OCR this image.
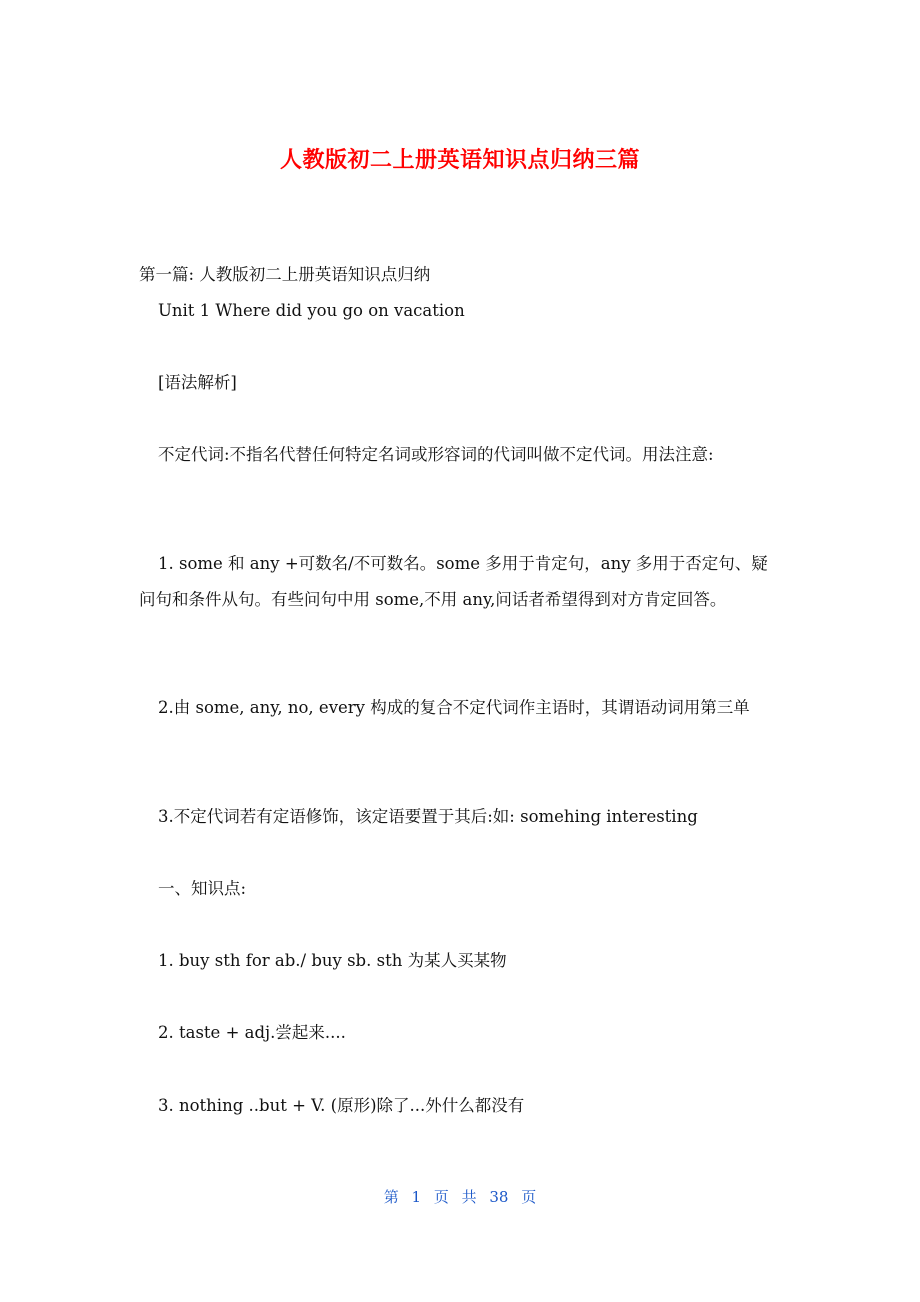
人教版初二上册英语知识点归纳三篇
第一篇: 人教版初二上册英语知识点归纳
Unit 1 Where did you go on vacation
[语法解析]
不定代词:不指名代替任何特定名词或形容词的代词叫做不定代词。用法注意:
1. some 和 any +可数名/不可数名。some 多用于肯定句，any 多用于否定句、疑问句和条件从句。有些问句中用 some,不用 any,问话者希望得到对方肯定回答。
2.由 some, any, no, every 构成的复合不定代词作主语时，其谓语动词用第三单
3.不定代词若有定语修饰，该定语要置于其后:如: somehing interesting
一、知识点:
1. buy sth for ab./ buy sb. sth 为某人买某物
2. taste + adj.尝起来....
3. nothing ..but + V. (原形)除了...外什么都没有
第 1 页 共 38 页
